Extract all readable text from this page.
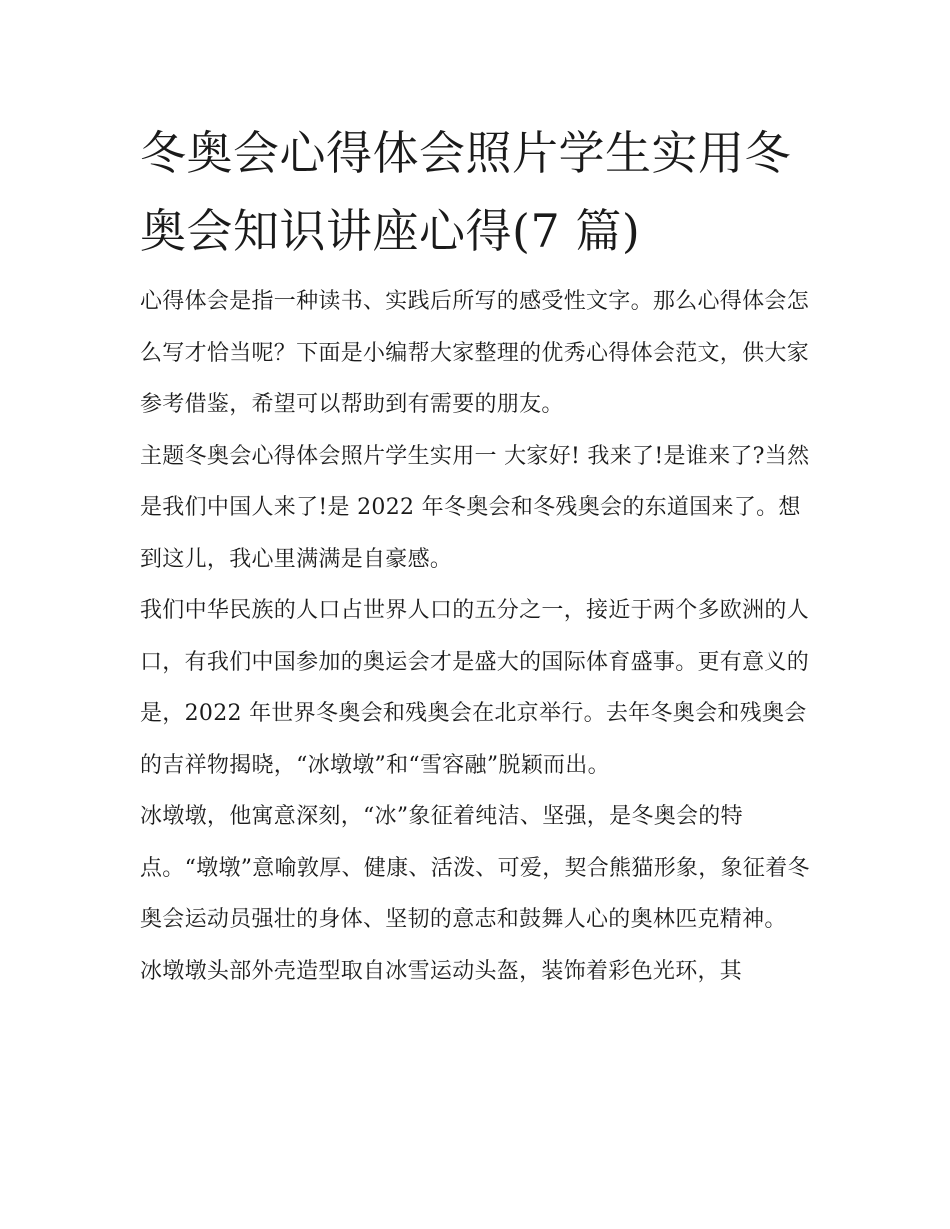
冬奥会心得体会照片学生实用冬奥会知识讲座心得(7 篇)

心得体会是指一种读书、实践后所写的感受性文字。那么心得体会怎么写才恰当呢？下面是小编帮大家整理的优秀心得体会范文，供大家参考借鉴，希望可以帮助到有需要的朋友。

主题冬奥会心得体会照片学生实用一 大家好! 我来了!是谁来了?当然是我们中国人来了!是 2022 年冬奥会和冬残奥会的东道国来了。想到这儿，我心里满满是自豪感。

我们中华民族的人口占世界人口的五分之一，接近于两个多欧洲的人口，有我们中国参加的奥运会才是盛大的国际体育盛事。更有意义的是，2022 年世界冬奥会和残奥会在北京举行。去年冬奥会和残奥会的吉祥物揭晓，“冰墩墩”和“雪容融”脱颖而出。

冰墩墩，他寓意深刻，“冰”象征着纯洁、坚强，是冬奥会的特点。“墩墩”意喻敦厚、健康、活泼、可爱，契合熊猫形象，象征着冬奥会运动员强壮的身体、坚韧的意志和鼓舞人心的奥林匹克精神。

冰墩墩头部外壳造型取自冰雪运动头盔，装饰着彩色光环，其
